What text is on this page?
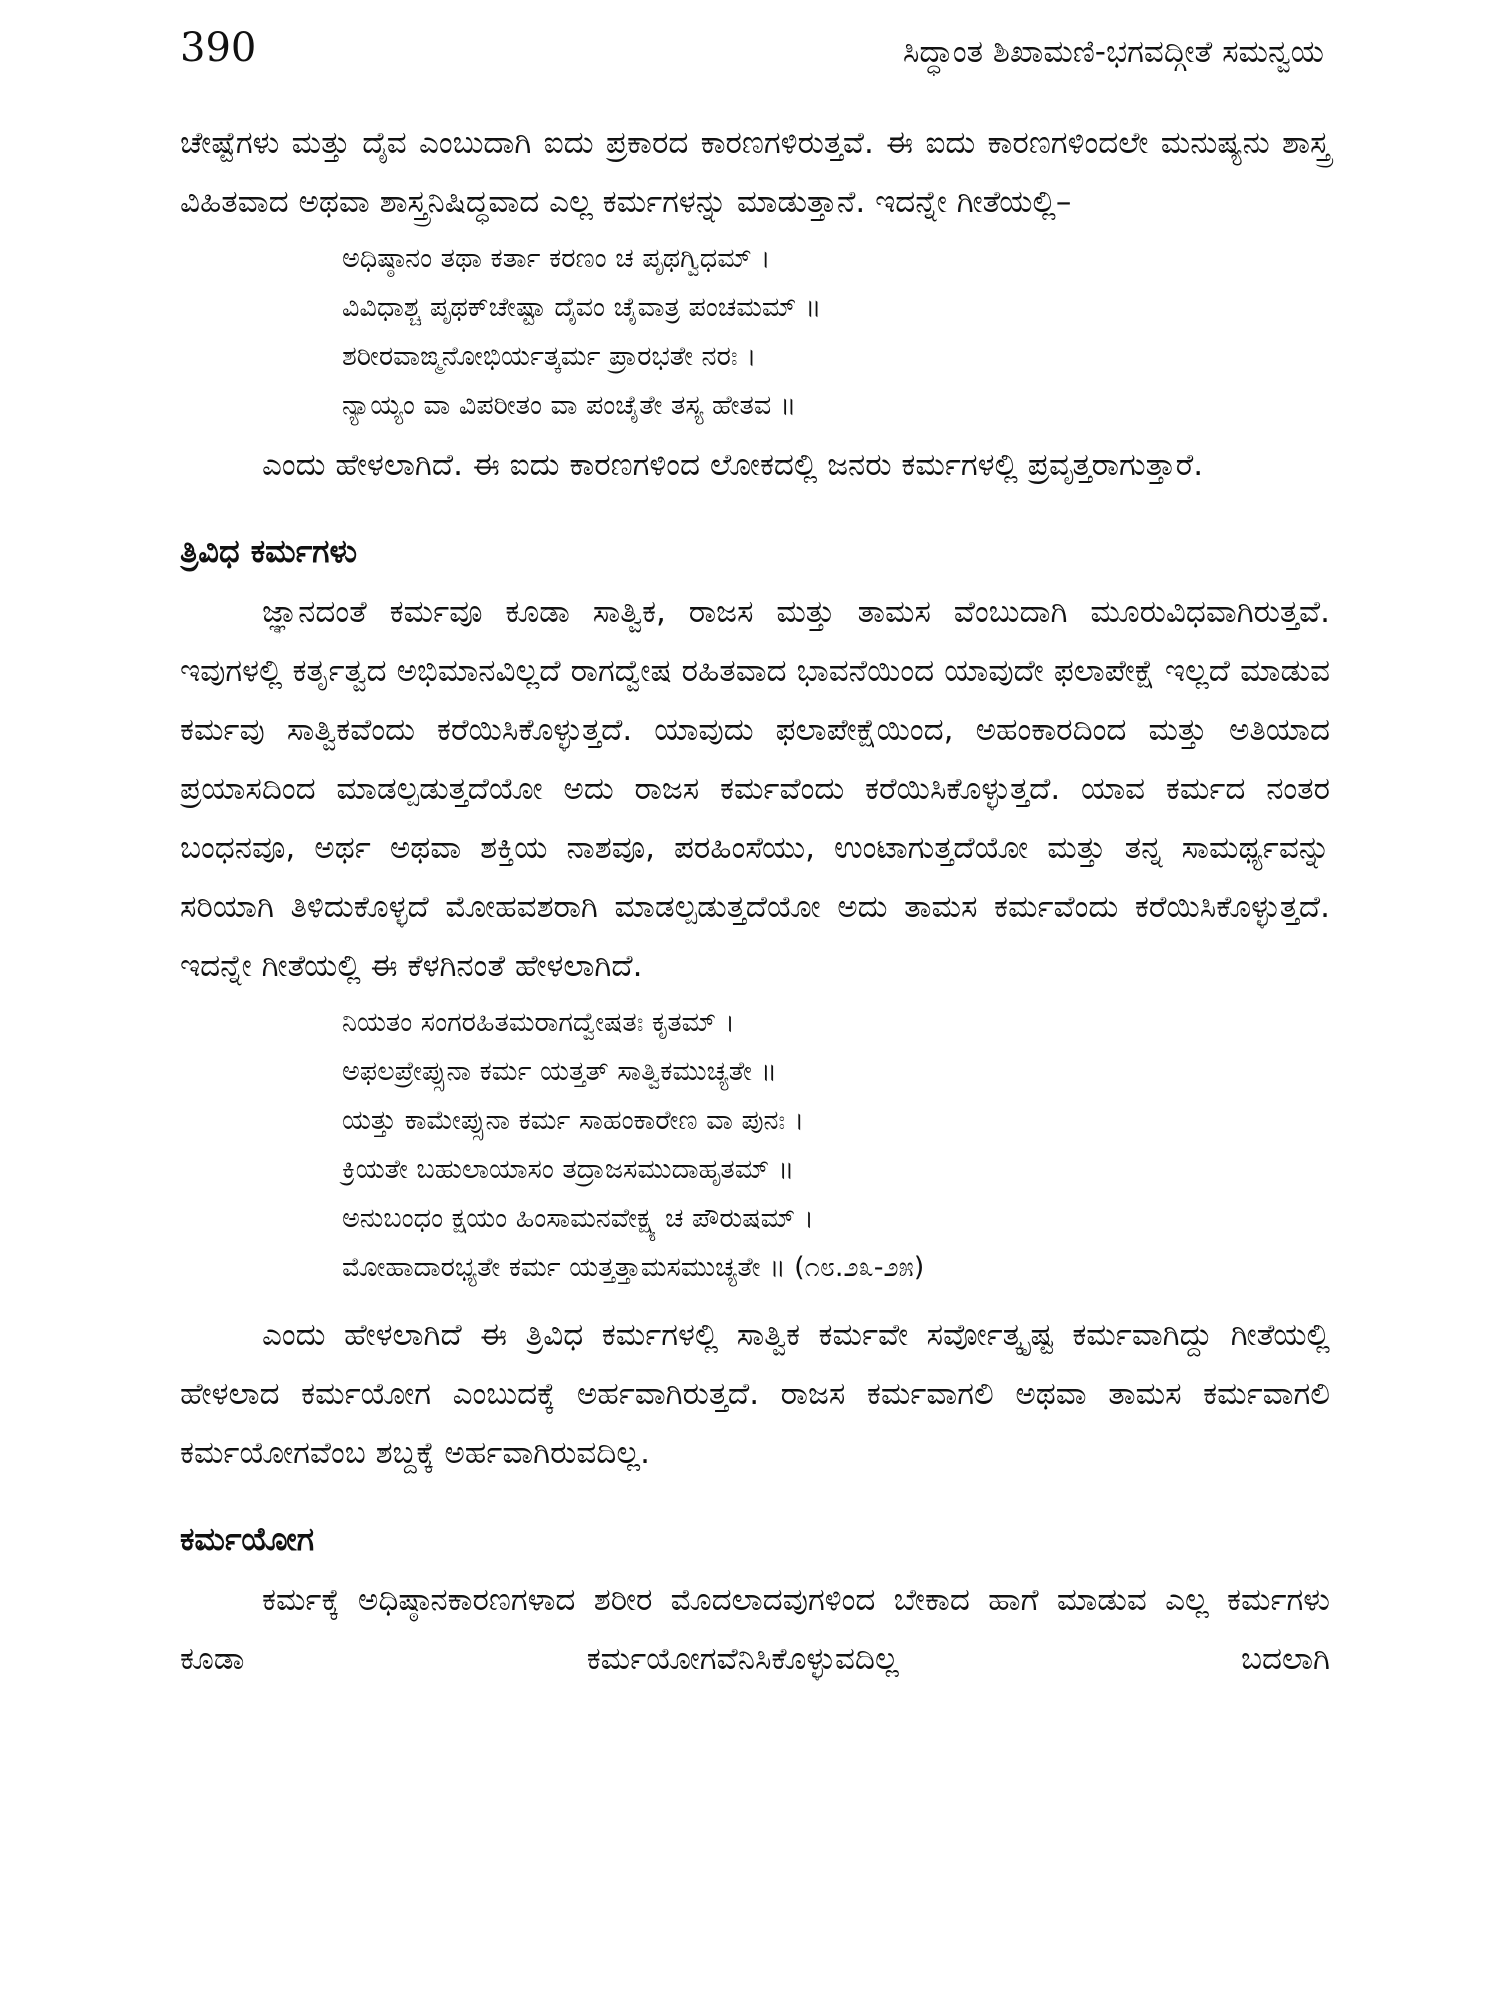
390	ಸಿದ್ಧಾಂತ ಶಿಖಾಮಣಿ-ಭಗವದ್ಗೀತೆ ಸಮನ್ವಯ

ಚೇಷ್ಟೆಗಳು ಮತ್ತು ದೈವ ಎಂಬುದಾಗಿ ಐದು ಪ್ರಕಾರದ ಕಾರಣಗಳಿರುತ್ತವೆ. ಈ ಐದು ಕಾರಣಗಳಿಂದಲೇ ಮನುಷ್ಯನು ಶಾಸ್ತ್ರ ವಿಹಿತವಾದ ಅಥವಾ ಶಾಸ್ತ್ರನಿಷಿದ್ಧವಾದ ಎಲ್ಲ ಕರ್ಮಗಳನ್ನು ಮಾಡುತ್ತಾನೆ. ಇದನ್ನೇ ಗೀತೆಯಲ್ಲಿ–

ಅಧಿಷ್ಠಾನಂ ತಥಾ ಕರ್ತಾ ಕರಣಂ ಚ ಪೃಥಗ್ವಿಧಮ್ ।
ವಿವಿಧಾಶ್ಚ ಪೃಥಕ್‌ಚೇಷ್ಟಾ ದೈವಂ ಚೈವಾತ್ರ ಪಂಚಮಮ್ ॥
ಶರೀರವಾಙ್ಮನೋಭಿರ್ಯತ್ಕರ್ಮ ಪ್ರಾರಭತೇ ನರಃ ।
ನ್ಯಾಯ್ಯಂ ವಾ ವಿಪರೀತಂ ವಾ ಪಂಚೈತೇ ತಸ್ಯ ಹೇತವ ॥

ಎಂದು ಹೇಳಲಾಗಿದೆ. ಈ ಐದು ಕಾರಣಗಳಿಂದ ಲೋಕದಲ್ಲಿ ಜನರು ಕರ್ಮಗಳಲ್ಲಿ ಪ್ರವೃತ್ತರಾಗುತ್ತಾರೆ.

ತ್ರಿವಿಧ ಕರ್ಮಗಳು

ಜ್ಞಾನದಂತೆ ಕರ್ಮವೂ ಕೂಡಾ ಸಾತ್ವಿಕ, ರಾಜಸ ಮತ್ತು ತಾಮಸ ವೆಂಬುದಾಗಿ ಮೂರುವಿಧವಾಗಿರುತ್ತವೆ. ಇವುಗಳಲ್ಲಿ ಕರ್ತೃತ್ವದ ಅಭಿಮಾನವಿಲ್ಲದೆ ರಾಗದ್ವೇಷ ರಹಿತವಾದ ಭಾವನೆಯಿಂದ ಯಾವುದೇ ಫಲಾಪೇಕ್ಷೆ ಇಲ್ಲದೆ ಮಾಡುವ ಕರ್ಮವು ಸಾತ್ವಿಕವೆಂದು ಕರೆಯಿಸಿಕೊಳ್ಳುತ್ತದೆ. ಯಾವುದು ಫಲಾಪೇಕ್ಷೆಯಿಂದ, ಅಹಂಕಾರದಿಂದ ಮತ್ತು ಅತಿಯಾದ ಪ್ರಯಾಸದಿಂದ ಮಾಡಲ್ಪಡುತ್ತದೆಯೋ ಅದು ರಾಜಸ ಕರ್ಮವೆಂದು ಕರೆಯಿಸಿಕೊಳ್ಳುತ್ತದೆ. ಯಾವ ಕರ್ಮದ ನಂತರ ಬಂಧನವೂ, ಅರ್ಥ ಅಥವಾ ಶಕ್ತಿಯ ನಾಶವೂ, ಪರಹಿಂಸೆಯು, ಉಂಟಾಗುತ್ತದೆಯೋ ಮತ್ತು ತನ್ನ ಸಾಮರ್ಥ್ಯವನ್ನು ಸರಿಯಾಗಿ ತಿಳಿದುಕೊಳ್ಳದೆ ಮೋಹವಶರಾಗಿ ಮಾಡಲ್ಪಡುತ್ತದೆಯೋ ಅದು ತಾಮಸ ಕರ್ಮವೆಂದು ಕರೆಯಿಸಿಕೊಳ್ಳುತ್ತದೆ. ಇದನ್ನೇ ಗೀತೆಯಲ್ಲಿ ಈ ಕೆಳಗಿನಂತೆ ಹೇಳಲಾಗಿದೆ.

ನಿಯತಂ ಸಂಗರಹಿತಮರಾಗದ್ವೇಷತಃ ಕೃತಮ್ ।
ಅಫಲಪ್ರೇಪ್ಸುನಾ ಕರ್ಮ ಯತ್ತತ್ ಸಾತ್ವಿಕಮುಚ್ಯತೇ ॥
ಯತ್ತು ಕಾಮೇಪ್ಸುನಾ ಕರ್ಮ ಸಾಹಂಕಾರೇಣ ವಾ ಪುನಃ ।
ಕ್ರಿಯತೇ ಬಹುಲಾಯಾಸಂ ತದ್ರಾಜಸಮುದಾಹೃತಮ್ ॥
ಅನುಬಂಧಂ ಕ್ಷಯಂ ಹಿಂಸಾಮನವೇಕ್ಷ್ಯ ಚ ಪೌರುಷಮ್ ।
ಮೋಹಾದಾರಭ್ಯತೇ ಕರ್ಮ ಯತ್ತತ್ತಾಮಸಮುಚ್ಯತೇ ॥ (೧೮.೨೩-೨೫)

ಎಂದು ಹೇಳಲಾಗಿದೆ ಈ ತ್ರಿವಿಧ ಕರ್ಮಗಳಲ್ಲಿ ಸಾತ್ವಿಕ ಕರ್ಮವೇ ಸರ್ವೋತ್ಕೃಷ್ಟ ಕರ್ಮವಾಗಿದ್ದು ಗೀತೆಯಲ್ಲಿ ಹೇಳಲಾದ ಕರ್ಮಯೋಗ ಎಂಬುದಕ್ಕೆ ಅರ್ಹವಾಗಿರುತ್ತದೆ. ರಾಜಸ ಕರ್ಮವಾಗಲಿ ಅಥವಾ ತಾಮಸ ಕರ್ಮವಾಗಲಿ ಕರ್ಮಯೋಗವೆಂಬ ಶಬ್ದಕ್ಕೆ ಅರ್ಹವಾಗಿರುವದಿಲ್ಲ.

ಕರ್ಮಯೋಗ

ಕರ್ಮಕ್ಕೆ ಅಧಿಷ್ಠಾನಕಾರಣಗಳಾದ ಶರೀರ ಮೊದಲಾದವುಗಳಿಂದ ಬೇಕಾದ ಹಾಗೆ ಮಾಡುವ ಎಲ್ಲ ಕರ್ಮಗಳು ಕೂಡಾ ಕರ್ಮಯೋಗವೆನಿಸಿಕೊಳ್ಳುವದಿಲ್ಲ ಬದಲಾಗಿ
